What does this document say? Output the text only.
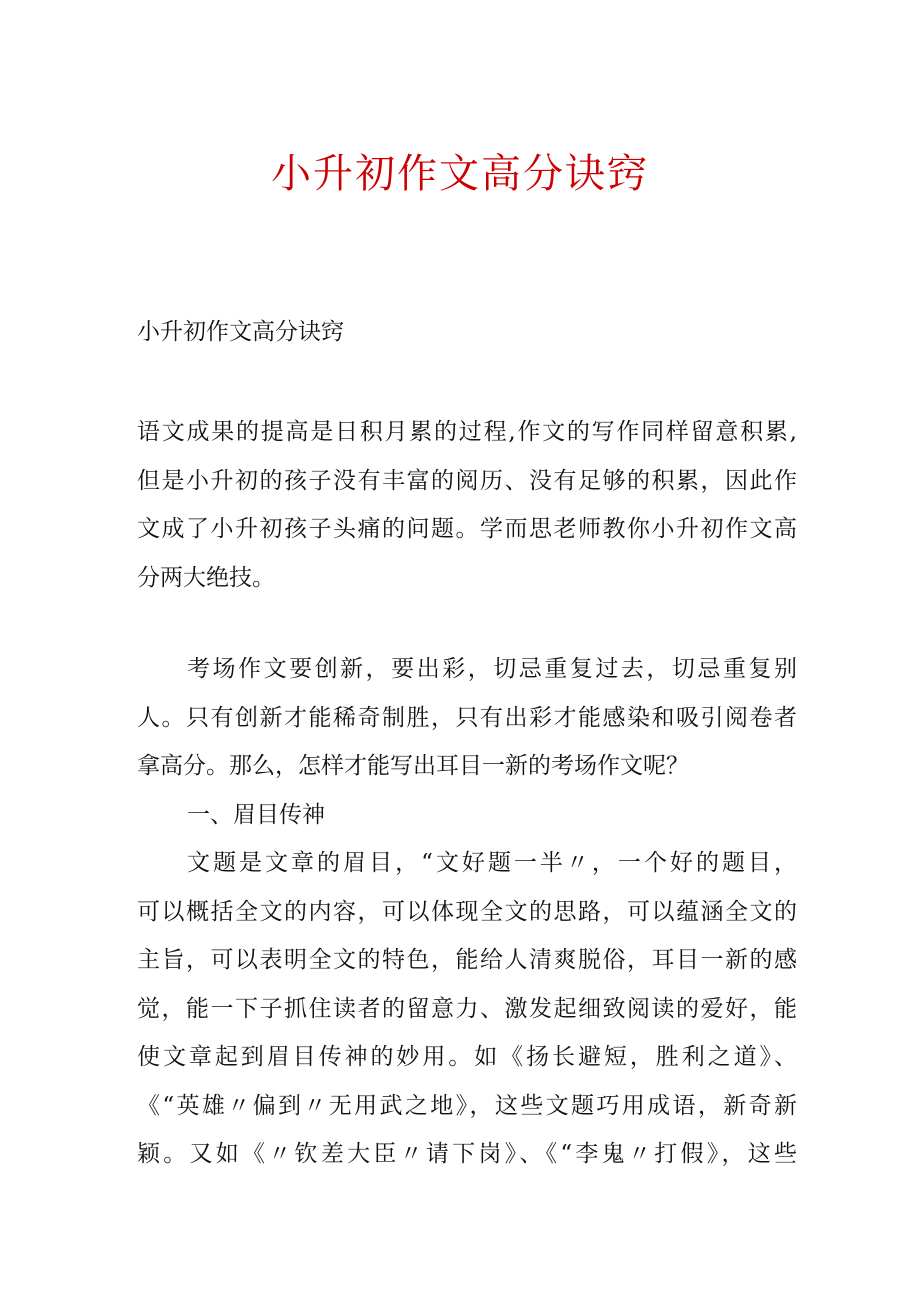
小升初作文高分诀窍

小升初作文高分诀窍

语文成果的提高是日积月累的过程,作文的写作同样留意积累,
但是小升初的孩子没有丰富的阅历、没有足够的积累，因此作
文成了小升初孩子头痛的问题。学而思老师教你小升初作文高
分两大绝技。
考场作文要创新，要出彩，切忌重复过去，切忌重复别
人。只有创新才能稀奇制胜，只有出彩才能感染和吸引阅卷者
拿高分。那么，怎样才能写出耳目一新的考场作文呢？
一、眉目传神
文题是文章的眉目，“文好题一半〃，一个好的题目，
可以概括全文的内容，可以体现全文的思路，可以蕴涵全文的
主旨，可以表明全文的特色，能给人清爽脱俗，耳目一新的感
觉，能一下子抓住读者的留意力、激发起细致阅读的爱好，能
使文章起到眉目传神的妙用。如《扬长避短，胜利之道》、
《“英雄〃偏到〃无用武之地》，这些文题巧用成语，新奇新
颖。又如《〃钦差大臣〃请下岗》、《“李鬼〃打假》，这些
